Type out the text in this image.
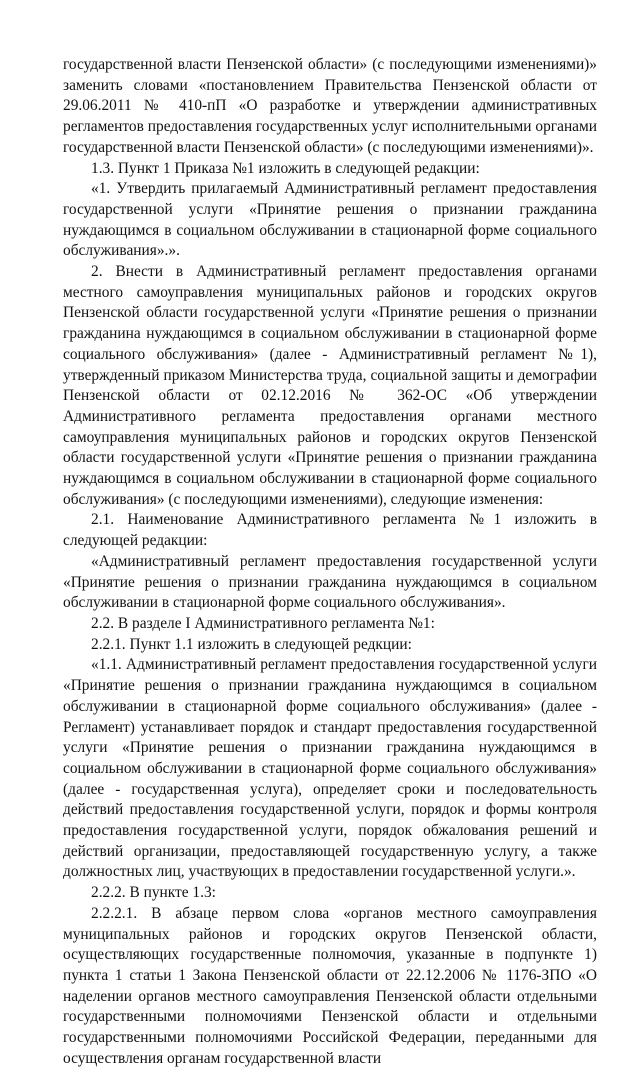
государственной власти Пензенской области» (с последующими изменениями)» заменить словами «постановлением Правительства Пензенской области от 29.06.2011 № 410-пП «О разработке и утверждении административных регламентов предоставления государственных услуг исполнительными органами государственной власти Пензенской области» (с последующими изменениями)».

1.3. Пункт 1 Приказа №1 изложить в следующей редакции:

«1. Утвердить прилагаемый Административный регламент предоставления государственной услуги «Принятие решения о признании гражданина нуждающимся в социальном обслуживании в стационарной форме социального обслуживания».».

2. Внести в Административный регламент предоставления органами местного самоуправления муниципальных районов и городских округов Пензенской области государственной услуги «Принятие решения о признании гражданина нуждающимся в социальном обслуживании в стационарной форме социального обслуживания» (далее - Административный регламент №1), утвержденный приказом Министерства труда, социальной защиты и демографии Пензенской области от 02.12.2016 № 362-ОС «Об утверждении Административного регламента предоставления органами местного самоуправления муниципальных районов и городских округов Пензенской области государственной услуги «Принятие решения о признании гражданина нуждающимся в социальном обслуживании в стационарной форме социального обслуживания» (с последующими изменениями), следующие изменения:

2.1. Наименование Административного регламента №1 изложить в следующей редакции:

«Административный регламент предоставления государственной услуги «Принятие решения о признании гражданина нуждающимся в социальном обслуживании в стационарной форме социального обслуживания».

2.2. В разделе I Административного регламента №1:

2.2.1. Пункт 1.1 изложить в следующей редкции:

«1.1. Административный регламент предоставления государственной услуги «Принятие решения о признании гражданина нуждающимся в социальном обслуживании в стационарной форме социального обслуживания» (далее - Регламент) устанавливает порядок и стандарт предоставления государственной услуги «Принятие решения о признании гражданина нуждающимся в социальном обслуживании в стационарной форме социального обслуживания» (далее - государственная услуга), определяет сроки и последовательность действий предоставления государственной услуги, порядок и формы контроля предоставления государственной услуги, порядок обжалования решений и действий организации, предоставляющей государственную услугу, а также должностных лиц, участвующих в предоставлении государственной услуги.».

2.2.2. В пункте 1.3:

2.2.2.1. В абзаце первом слова «органов местного самоуправления муниципальных районов и городских округов Пензенской области, осуществляющих государственные полномочия, указанные в подпункте 1) пункта 1 статьи 1 Закона Пензенской области от 22.12.2006 № 1176-ЗПО «О наделении органов местного самоуправления Пензенской области отдельными государственными полномочиями Пензенской области и отдельными государственными полномочиями Российской Федерации, переданными для осуществления органам государственной власти
